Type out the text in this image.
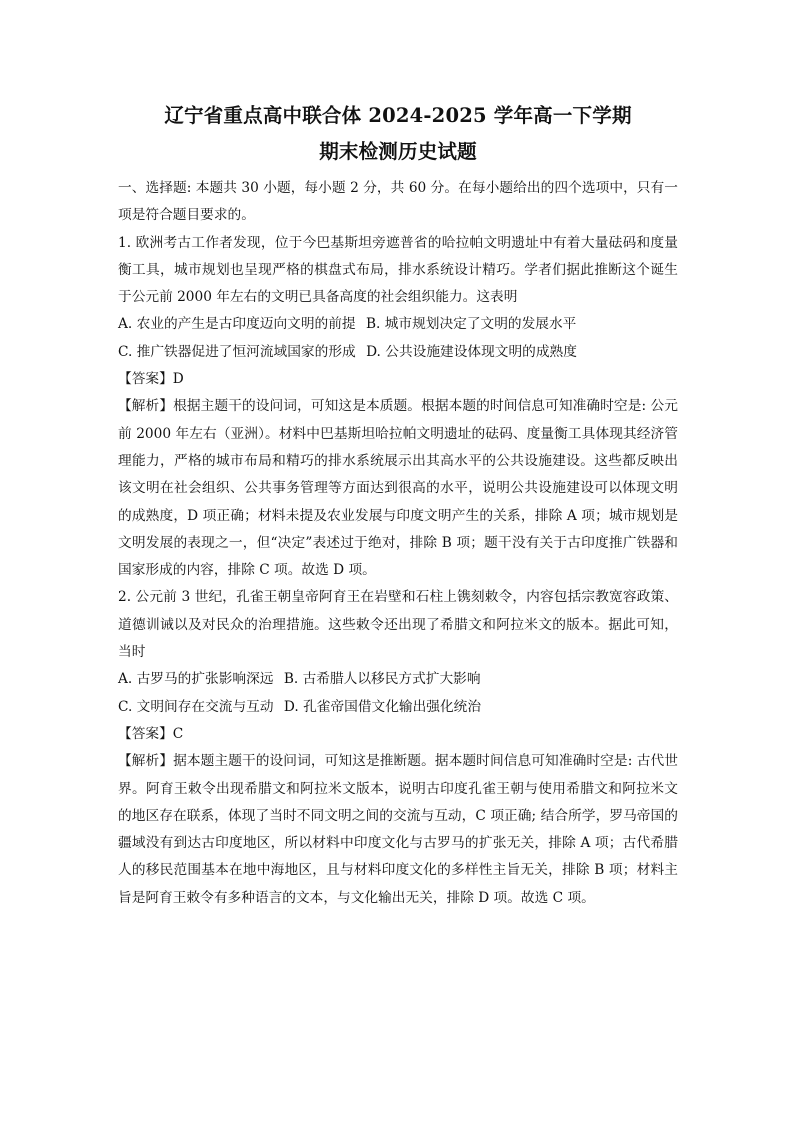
辽宁省重点高中联合体 2024-2025 学年高一下学期
期末检测历史试题

一、选择题: 本题共 30 小题，每小题 2 分，共 60 分。在每小题给出的四个选项中，只有一项是符合题目要求的。

1. 欧洲考古工作者发现，位于今巴基斯坦旁遮普省的哈拉帕文明遗址中有着大量砝码和度量衡工具，城市规划也呈现严格的棋盘式布局，排水系统设计精巧。学者们据此推断这个诞生于公元前 2000 年左右的文明已具备高度的社会组织能力。这表明

A. 农业的产生是古印度迈向文明的前提 B. 城市规划决定了文明的发展水平
C. 推广铁器促进了恒河流域国家的形成 D. 公共设施建设体现文明的成熟度

【答案】D

【解析】根据主题干的设问词，可知这是本质题。根据本题的时间信息可知准确时空是: 公元前 2000 年左右（亚洲）。材料中巴基斯坦哈拉帕文明遗址的砝码、度量衡工具体现其经济管理能力，严格的城市布局和精巧的排水系统展示出其高水平的公共设施建设。这些都反映出该文明在社会组织、公共事务管理等方面达到很高的水平，说明公共设施建设可以体现文明的成熟度，D 项正确；材料未提及农业发展与印度文明产生的关系，排除 A 项；城市规划是文明发展的表现之一，但“决定”表述过于绝对，排除 B 项；题干没有关于古印度推广铁器和国家形成的内容，排除 C 项。故选 D 项。

2. 公元前 3 世纪，孔雀王朝皇帝阿育王在岩壁和石柱上镌刻敕令，内容包括宗教宽容政策、道德训诫以及对民众的治理措施。这些敕令还出现了希腊文和阿拉米文的版本。据此可知，当时

A. 古罗马的扩张影响深远 B. 古希腊人以移民方式扩大影响
C. 文明间存在交流与互动 D. 孔雀帝国借文化输出强化统治

【答案】C

【解析】据本题主题干的设问词，可知这是推断题。据本题时间信息可知准确时空是: 古代世界。阿育王敕令出现希腊文和阿拉米文版本，说明古印度孔雀王朝与使用希腊文和阿拉米文的地区存在联系，体现了当时不同文明之间的交流与互动，C 项正确; 结合所学，罗马帝国的疆域没有到达古印度地区，所以材料中印度文化与古罗马的扩张无关，排除 A 项；古代希腊人的移民范围基本在地中海地区，且与材料印度文化的多样性主旨无关，排除 B 项；材料主旨是阿育王敕令有多种语言的文本，与文化输出无关，排除 D 项。故选 C 项。
